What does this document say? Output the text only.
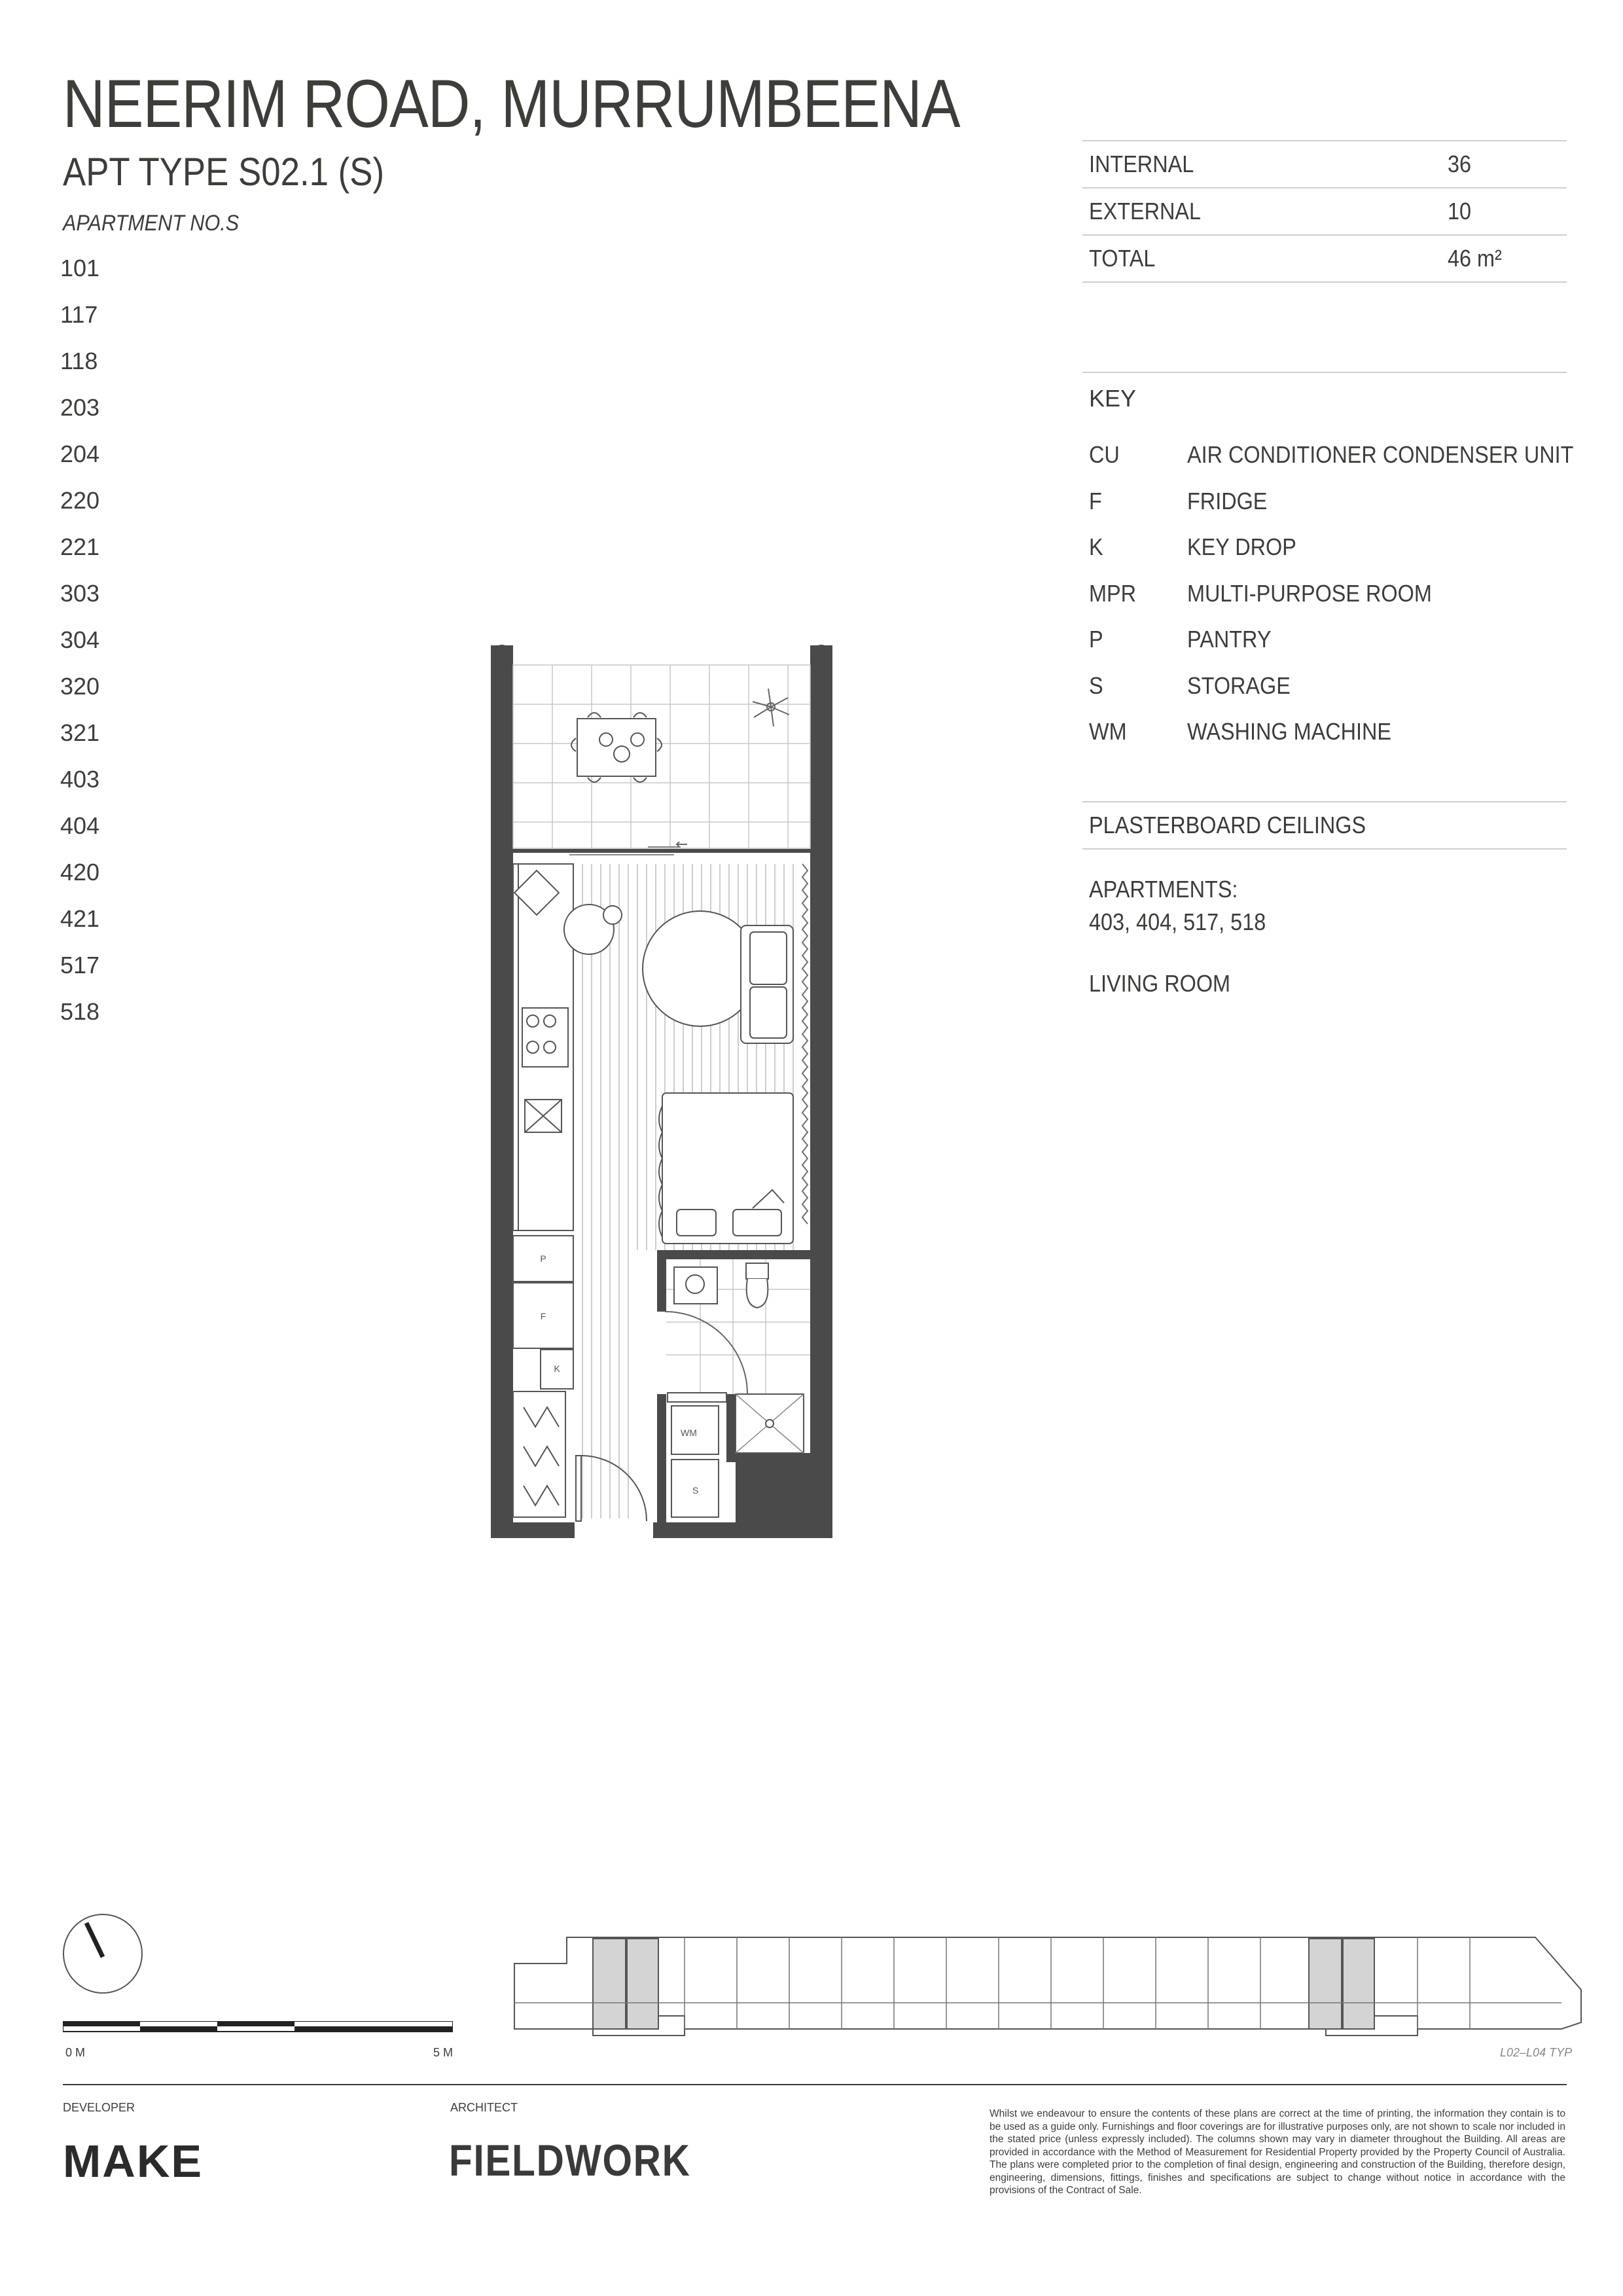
NEERIM ROAD, MURRUMBEENA
APT TYPE S02.1 (S)
APARTMENT NO.S
101
117
118
203
204
220
221
303
304
320
321
403
404
420
421
517
518
INTERNAL	36
EXTERNAL	10
TOTAL	46 m²
KEY
CU	AIR CONDITIONER CONDENSER UNIT
F	FRIDGE
K	KEY DROP
MPR MULTI-PURPOSE ROOM
P	PANTRY
S	STORAGE
WM	WASHING MACHINE
PLASTERBOARD CEILINGS
APARTMENTS:
403, 404, 517, 518
LIVING ROOM
P
F
K
WM
S
0 M	5 M	L02–L04 TYP
DEVELOPER	ARCHITECT
MAKE	FIELDWORK
Whilst we endeavour to ensure the contents of these plans are correct at the time of printing, the information they contain is to be used as a guide only. Furnishings and floor coverings are for illustrative purposes only, are not shown to scale nor included in the stated price (unless expressly included). The columns shown may vary in diameter throughout the Building. All areas are provided in accordance with the Method of Measurement for Residential Property provided by the Property Council of Australia. The plans were completed prior to the completion of final design, engineering and construction of the Building, therefore design, engineering, dimensions, fittings, finishes and specifications are subject to change without notice in accordance with the provisions of the Contract of Sale.
